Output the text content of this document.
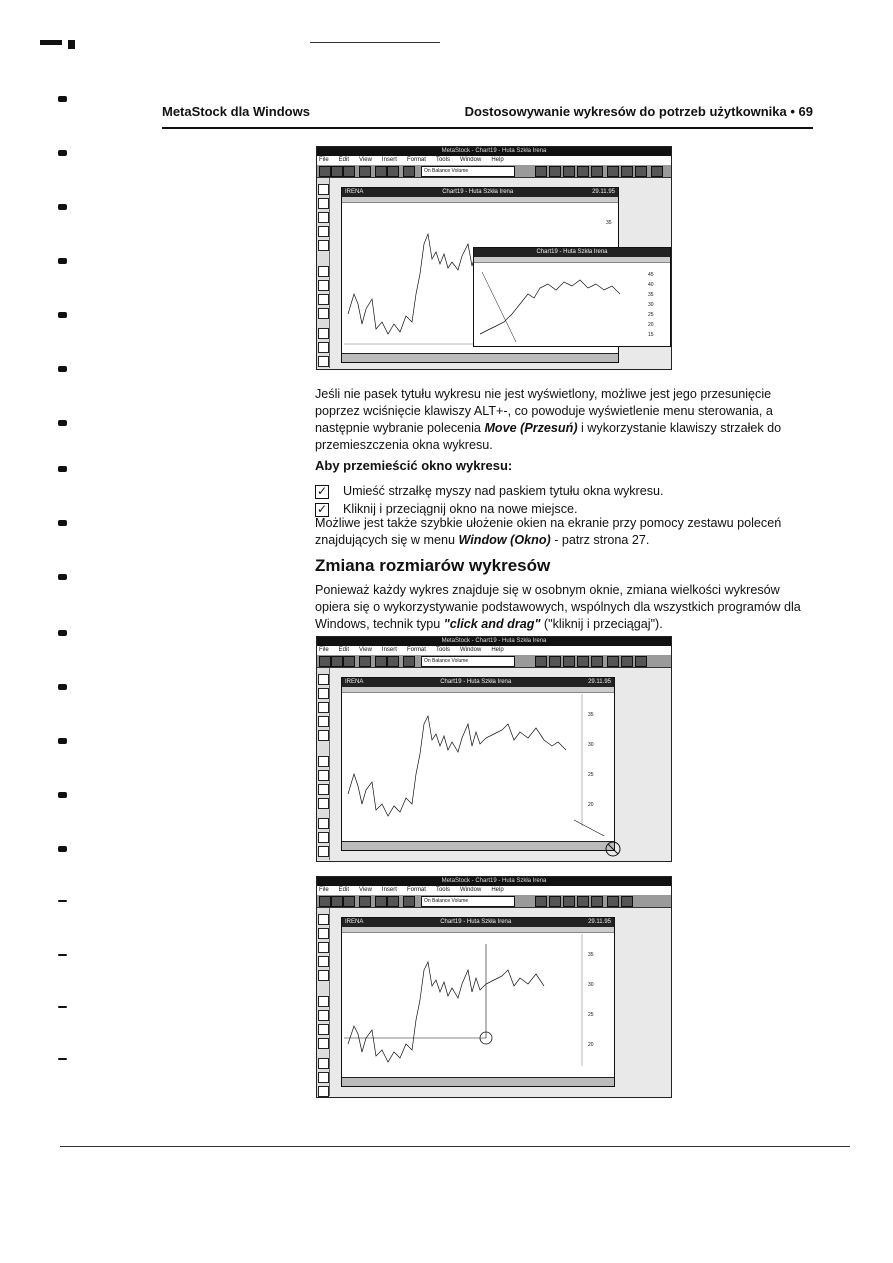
MetaStock dla Windows	Dostosowywanie wykresów do potrzeb użytkownika • 69
MetaStock - Chart19 - Huta Szkła Irena
File Edit View Insert Format Tools Window Help
On Balance Volume
IRENA	Chart19 - Huta Szkła Irena	29.11.95
35
Chart19 - Huta Szkła Irena
45
40
35
30
25
20
15
Jeśli nie pasek tytułu wykresu nie jest wyświetlony, możliwe jest jego przesunięcie poprzez wciśnięcie klawiszy ALT+-, co powoduje wyświetlenie menu sterowania, a następnie wybranie polecenia Move (Przesuń) i wykorzystanie klawiszy strzałek do przemieszczenia okna wykresu.
Aby przemieścić okno wykresu:
✓ Umieść strzałkę myszy nad paskiem tytułu okna wykresu.
✓ Kliknij i przeciągnij okno na nowe miejsce.
Możliwe jest także szybkie ułożenie okien na ekranie przy pomocy zestawu poleceń znajdujących się w menu Window (Okno) - patrz strona 27.
Zmiana rozmiarów wykresów
Ponieważ każdy wykres znajduje się w osobnym oknie, zmiana wielkości wykresów opiera się o wykorzystywanie podstawowych, wspólnych dla wszystkich programów dla Windows, technik typu "click and drag" ("kliknij i przeciągaj").
MetaStock - Chart19 - Huta Szkła Irena
File Edit View Insert Format Tools Window Help
On Balance Volume
IRENA	Chart19 - Huta Szkła Irena	29.11.95
35
30
25
20
MetaStock - Chart19 - Huta Szkła Irena
File Edit View Insert Format Tools Window Help
On Balance Volume
IRENA	Chart19 - Huta Szkła Irena	29.11.95
35
30
25
20
